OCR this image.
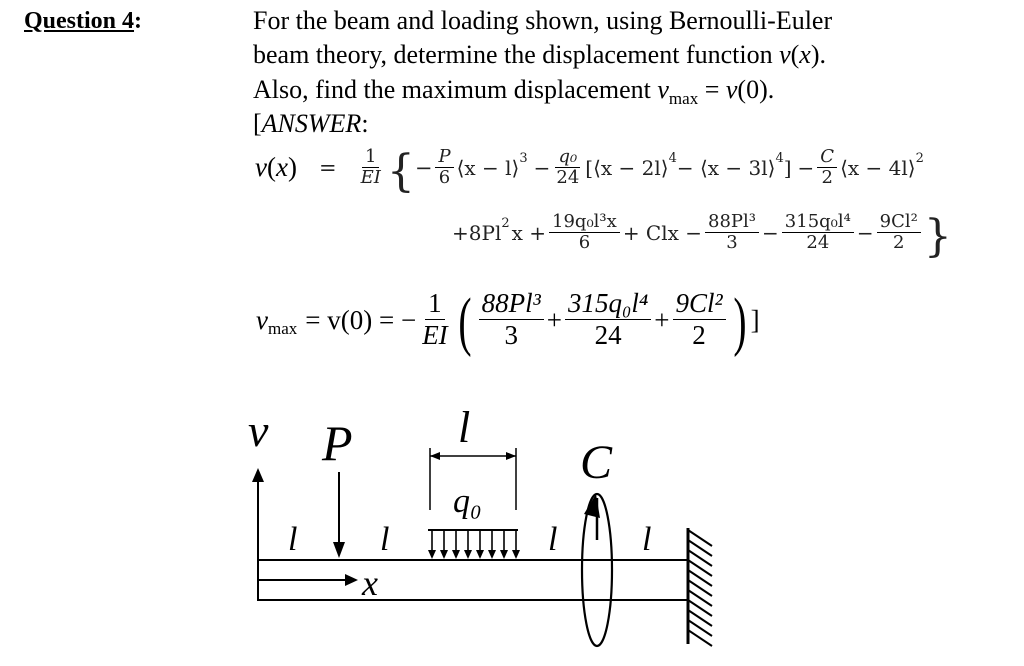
Question 4:	For the beam and loading shown, using Bernoulli-Euler
beam theory, determine the displacement function v(x).
Also, find the maximum displacement $v_{max} = v(0)$.
[ANSWER:
$v(x) = \frac{1}{EI}$ { − $\frac{P}{6}$ ⟨x − l⟩ $3 - \frac{\text{q₀}}{24}$ [⟨x − 2l⟩ 4 − ⟨x − 3l⟩ 4 ] − $\frac{C}{2}$ ⟨x − 4l⟩ 2
+8Pl 2 $x + \frac{\text{19q₀l³x}}{6}$ + Clx − $\frac{\text{88Pl³}}{3} - \frac{\text{315q₀l⁴}}{24} - \frac{\text{9Cl²}}{2}$ }
v max = v(0) = − $\frac{1}{EI}$ ( $\frac{\text{88Pl³}}{3} + \frac{\text{315q₀l⁴}}{24} + \frac{\text{9Cl²}}{2}$ ) ]
v
x
P
l l	l l
l
q₀
C
